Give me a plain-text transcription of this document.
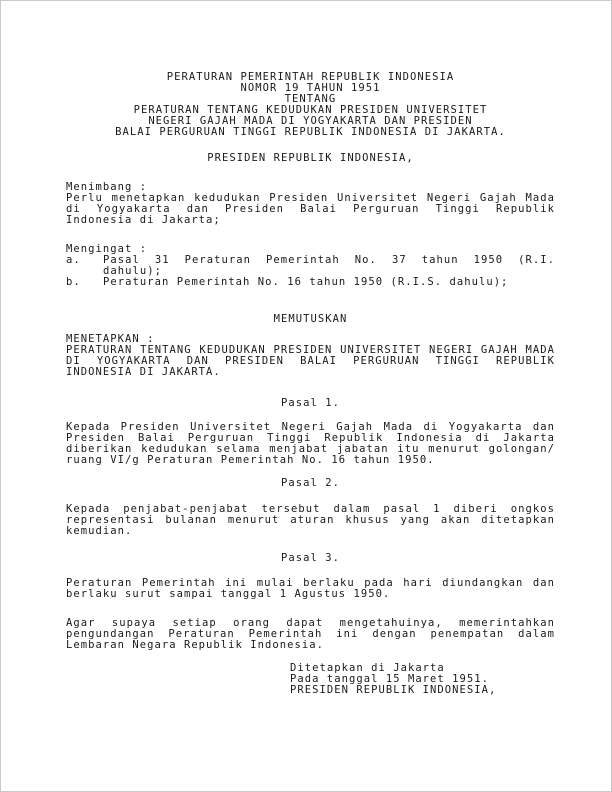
PERATURAN PEMERINTAH REPUBLIK INDONESIA
NOMOR 19 TAHUN 1951
TENTANG
PERATURAN TENTANG KEDUDUKAN PRESIDEN UNIVERSITET
NEGERI GAJAH MADA DI YOGYAKARTA DAN PRESIDEN
BALAI PERGURUAN TINGGI REPUBLIK INDONESIA DI JAKARTA.
PRESIDEN REPUBLIK INDONESIA,
Menimbang :
Perlu menetapkan kedudukan Presiden Universitet Negeri Gajah Mada
di Yogyakarta dan Presiden Balai Perguruan Tinggi Republik
Indonesia di Jakarta;
Mengingat :
a. Pasal 31 Peraturan Pemerintah No. 37 tahun 1950 (R.I.
dahulu);
b. Peraturan Pemerintah No. 16 tahun 1950 (R.I.S. dahulu);
MEMUTUSKAN
MENETAPKAN :
PERATURAN TENTANG KEDUDUKAN PRESIDEN UNIVERSITET NEGERI GAJAH MADA
DI YOGYAKARTA DAN PRESIDEN BALAI PERGURUAN TINGGI REPUBLIK
INDONESIA DI JAKARTA.
Pasal 1.
Kepada Presiden Universitet Negeri Gajah Mada di Yogyakarta dan
Presiden Balai Perguruan Tinggi Republik Indonesia di Jakarta
diberikan kedudukan selama menjabat jabatan itu menurut golongan/
ruang VI/g Peraturan Pemerintah No. 16 tahun 1950.
Pasal 2.
Kepada penjabat-penjabat tersebut dalam pasal 1 diberi ongkos
representasi bulanan menurut aturan khusus yang akan ditetapkan
kemudian.
Pasal 3.
Peraturan Pemerintah ini mulai berlaku pada hari diundangkan dan
berlaku surut sampai tanggal 1 Agustus 1950.
Agar supaya setiap orang dapat mengetahuinya, memerintahkan
pengundangan Peraturan Pemerintah ini dengan penempatan dalam
Lembaran Negara Republik Indonesia.
Ditetapkan di Jakarta
Pada tanggal 15 Maret 1951.
PRESIDEN REPUBLIK INDONESIA,
